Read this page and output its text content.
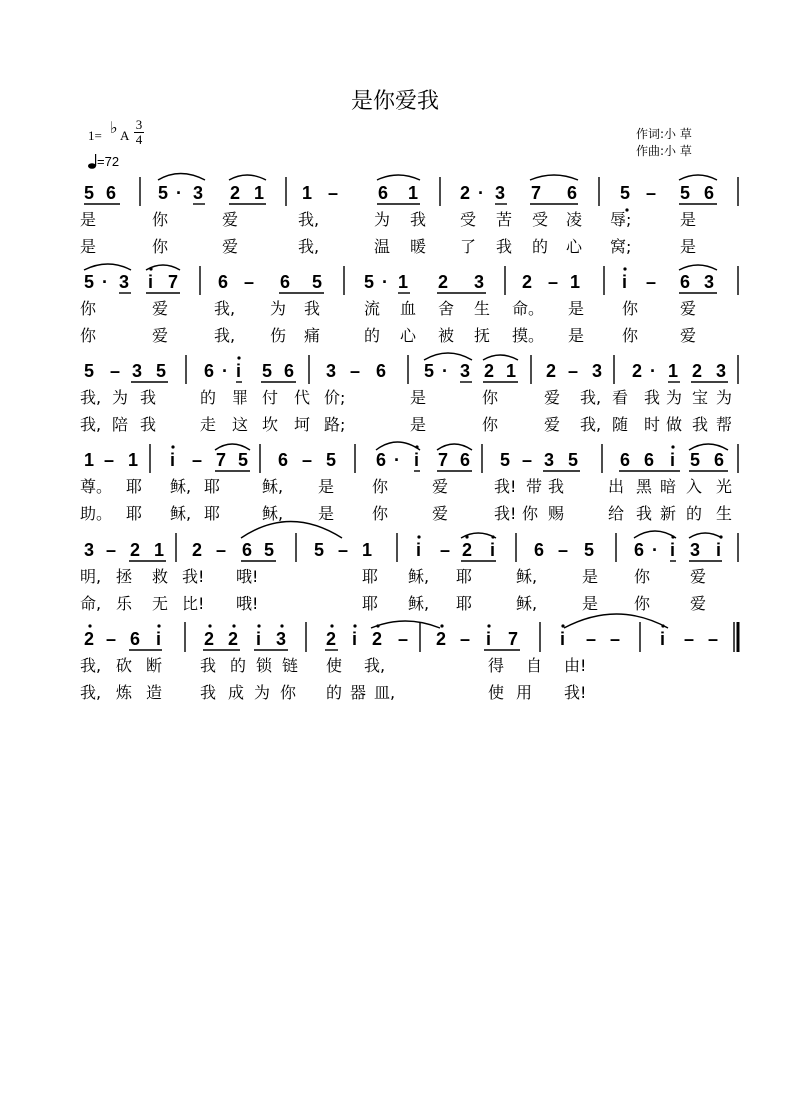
是你爱我
1= ♭ A
3
4
=72
作词:小 草
作曲:小 草
5 6 5 · 3 2 1 1 – 6 1 2 · 3 7 6 5 – 5 6
5 · 3 i 7 6 – 6 5 5 · 1 2 3 2 – 1 i – 6 3
5 – 3 5 6 · i 5 6 3 – 6 5 · 3 2 1 2 – 3 2 · 1 2 3
1 – 1 i – 7 5 6 – 5 6 · i 7 6 5 – 3 5 6 6 i 5 6
3 – 2 1 2 – 6 5 5 – 1 i – 2 i 6 – 5 6 · i 3 i
2 – 6 i 2 2 i 3 2 i 2 – 2 – i 7 i – – i – –
是	你	爱	我,	为 我 受 苦 受 凌 辱;	是
是	你	爱	我,	温 暖 了 我 的 心 窝;	是
你	爱	我, 为 我	流 血 舍 生 命。 是 你	爱
你	爱	我, 伤 痛	的 心 被 抚 摸。 是 你	爱
我, 为 我	的 罪 付 代 价;	是	你	爱 我, 看 我 为 宝 为
我, 陪 我	走 这 坎 坷 路;	是	你	爱 我, 随 时 做 我 帮
尊。 耶 稣, 耶	稣, 是 你	爱	我! 带 我	出 黑 暗 入 光
助。 耶 稣, 耶	稣, 是 你	爱	我! 你 赐	给 我 新 的 生
明, 拯 救 我! 哦!	耶 稣, 耶	稣,	是 你 爱
命, 乐 无 比! 哦!	耶 稣, 耶	稣,	是 你 爱
我, 砍 断 我 的 锁 链 使 我,	得 自 由!
我, 炼 造 我 成 为 你 的 器 皿,	使 用 我!
